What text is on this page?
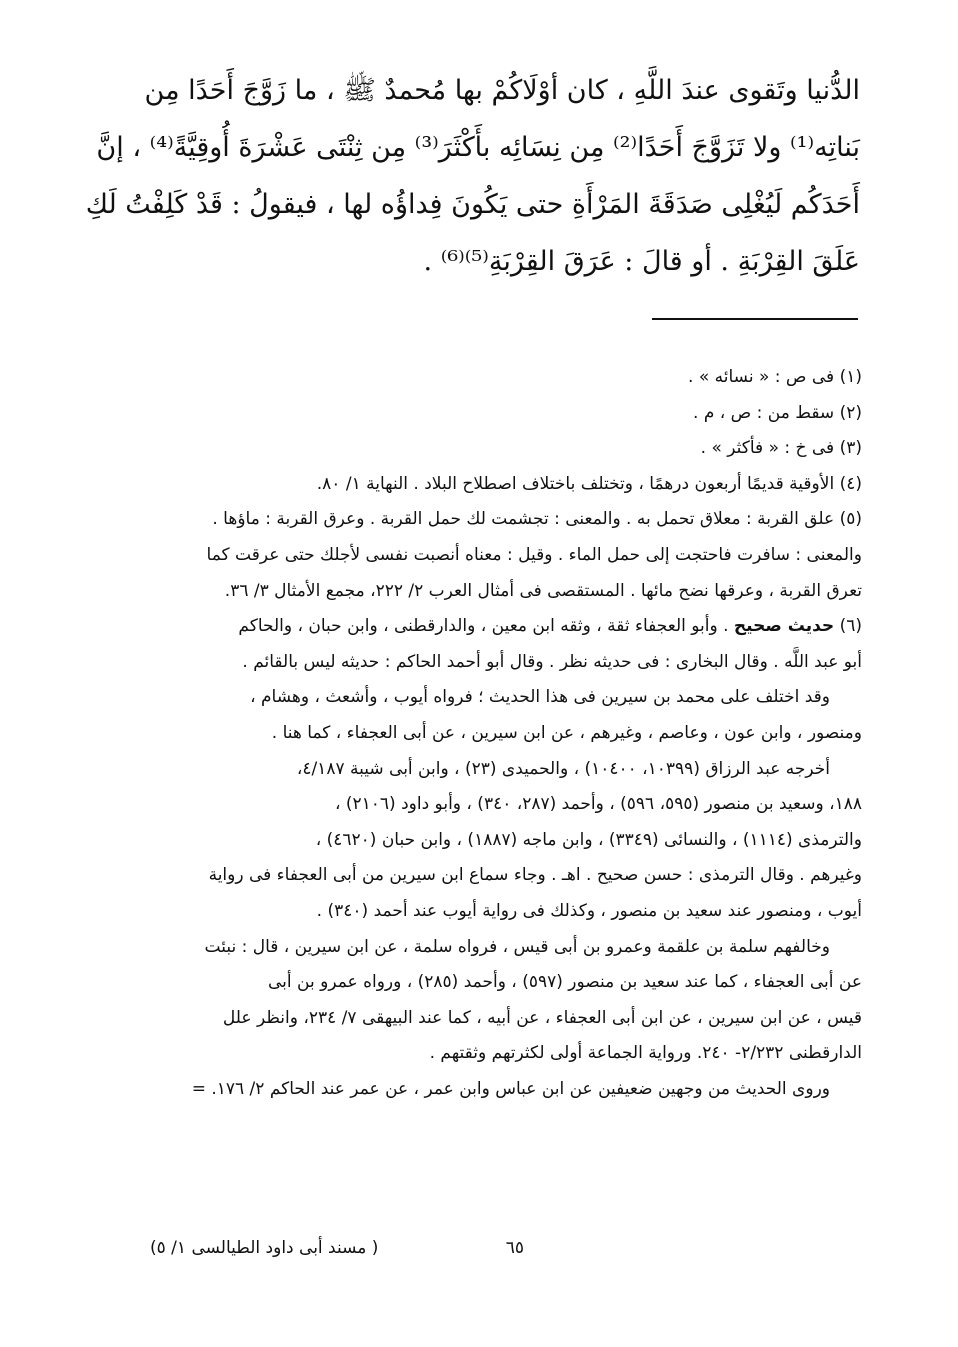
الدُّنيا وتَقوى عندَ اللَّهِ ، كان أوْلَاكُمْ بها مُحمدٌ ﷺ ، ما زَوَّجَ أَحَدًا مِن
بَناتِه⁽¹⁾ ولا تَزَوَّجَ أَحَدًا⁽²⁾ مِن نِسَائِه بأَكْثَرَ⁽³⁾ مِن ثِنْتَى عَشْرَةَ أُوقِيَّةً⁽⁴⁾ ، إنَّ
أَحَدَكُم لَيُغْلِى صَدَقَةَ المَرْأَةِ حتى يَكُونَ فِداؤُه لها ، فيقولُ : قَدْ كَلِفْتُ لَكِ
عَلَقَ القِرْبَةِ . أو قالَ : عَرَقَ القِرْبَةِ⁽⁵⁾⁽⁶⁾ .
(١) فى ص : « نسائه » .
(٢) سقط من : ص ، م .
(٣) فى خ : « فأكثر » .
(٤) الأوقية قديمًا أربعون درهمًا ، وتختلف باختلاف اصطلاح البلاد . النهاية ١/ ٨٠.
(٥) علق القربة : معلاق تحمل به . والمعنى : تجشمت لك حمل القربة . وعرق القربة : ماؤها .
والمعنى : سافرت فاحتجت إلى حمل الماء . وقيل : معناه أنصبت نفسى لأجلك حتى عرقت كما
تعرق القربة ، وعرقها نضح مائها . المستقصى فى أمثال العرب ٢/ ٢٢٢، مجمع الأمثال ٣/ ٣٦.
(٦) حديث صحيح . وأبو العجفاء ثقة ، وثقه ابن معين ، والدارقطنى ، وابن حبان ، والحاكم
أبو عبد اللَّه . وقال البخارى : فى حديثه نظر . وقال أبو أحمد الحاكم : حديثه ليس بالقائم .
وقد اختلف على محمد بن سيرين فى هذا الحديث ؛ فرواه أيوب ، وأشعث ، وهشام ،
ومنصور ، وابن عون ، وعاصم ، وغيرهم ، عن ابن سيرين ، عن أبى العجفاء ، كما هنا .
أخرجه عبد الرزاق (١٠٣٩٩، ١٠٤٠٠) ، والحميدى (٢٣) ، وابن أبى شيبة ٤/١٨٧،
١٨٨، وسعيد بن منصور (٥٩٥، ٥٩٦) ، وأحمد (٢٨٧، ٣٤٠) ، وأبو داود (٢١٠٦) ،
والترمذى (١١١٤) ، والنسائى (٣٣٤٩) ، وابن ماجه (١٨٨٧) ، وابن حبان (٤٦٢٠) ،
وغيرهم . وقال الترمذى : حسن صحيح . اهـ . وجاء سماع ابن سيرين من أبى العجفاء فى رواية
أيوب ، ومنصور عند سعيد بن منصور ، وكذلك فى رواية أيوب عند أحمد (٣٤٠) .
وخالفهم سلمة بن علقمة وعمرو بن أبى قيس ، فرواه سلمة ، عن ابن سيرين ، قال : نبئت
عن أبى العجفاء ، كما عند سعيد بن منصور (٥٩٧) ، وأحمد (٢٨٥) ، ورواه عمرو بن أبى
قيس ، عن ابن سيرين ، عن ابن أبى العجفاء ، عن أبيه ، كما عند البيهقى ٧/ ٢٣٤، وانظر علل
الدارقطنى ٢/٢٣٢- ٢٤٠. ورواية الجماعة أولى لكثرتهم وثقتهم .
وروى الحديث من وجهين ضعيفين عن ابن عباس وابن عمر ، عن عمر عند الحاكم ٢/ ١٧٦. =
٦٥
( مسند أبى داود الطيالسى ١/ ٥)
